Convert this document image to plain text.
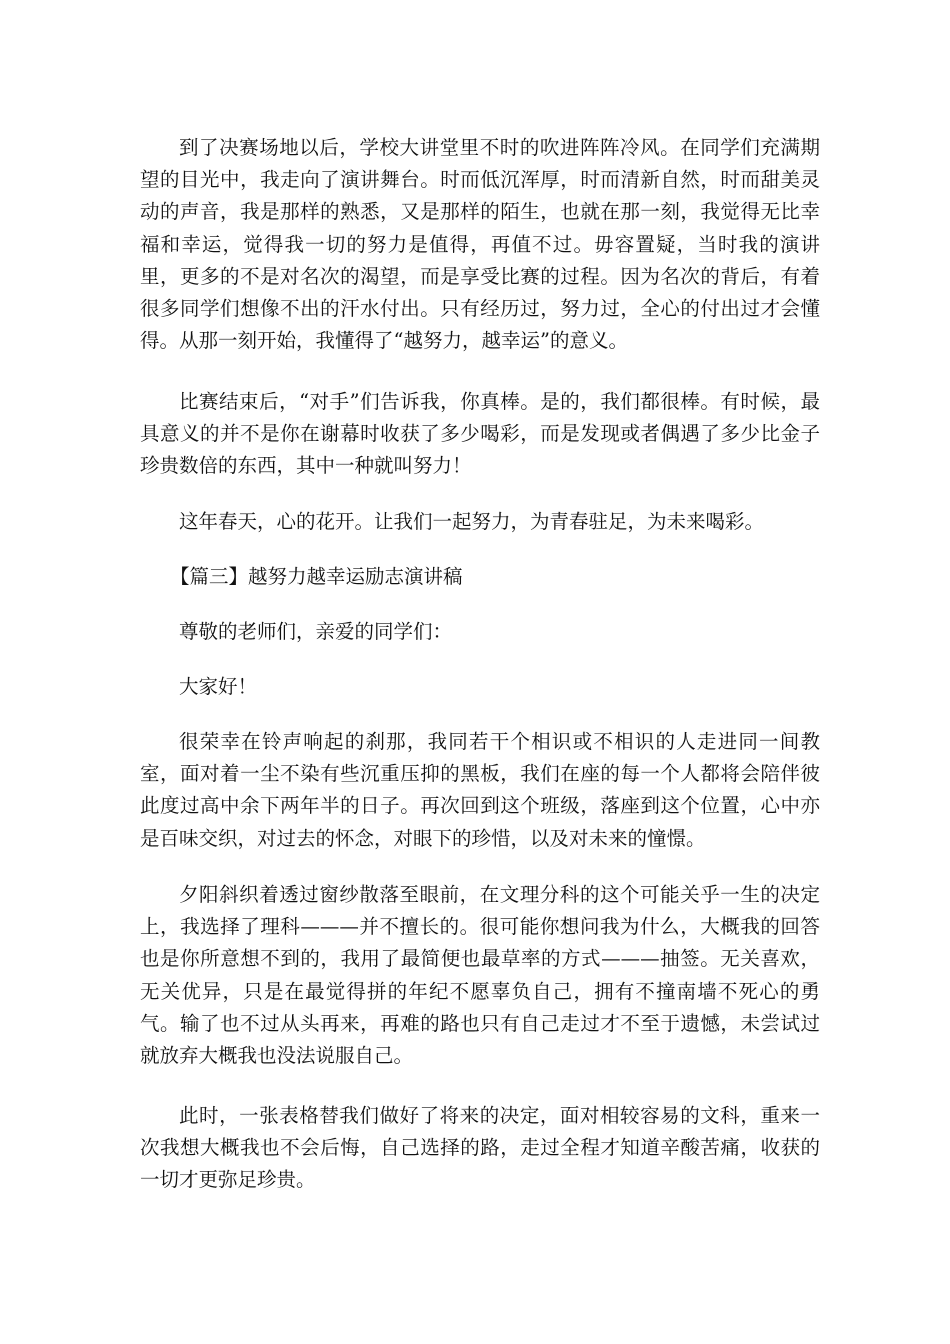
到了决赛场地以后，学校大讲堂里不时的吹进阵阵冷风。在同学们充满期望的目光中，我走向了演讲舞台。时而低沉浑厚，时而清新自然，时而甜美灵动的声音，我是那样的熟悉，又是那样的陌生，也就在那一刻，我觉得无比幸福和幸运，觉得我一切的努力是值得，再值不过。毋容置疑，当时我的演讲里，更多的不是对名次的渴望，而是享受比赛的过程。因为名次的背后，有着很多同学们想像不出的汗水付出。只有经历过，努力过，全心的付出过才会懂得。从那一刻开始，我懂得了“越努力，越幸运”的意义。

比赛结束后，“对手”们告诉我，你真棒。是的，我们都很棒。有时候，最具意义的并不是你在谢幕时收获了多少喝彩，而是发现或者偶遇了多少比金子珍贵数倍的东西，其中一种就叫努力！

这年春天，心的花开。让我们一起努力，为青春驻足，为未来喝彩。

【篇三】越努力越幸运励志演讲稿

尊敬的老师们，亲爱的同学们：

大家好！

很荣幸在铃声响起的刹那，我同若干个相识或不相识的人走进同一间教室，面对着一尘不染有些沉重压抑的黑板，我们在座的每一个人都将会陪伴彼此度过高中余下两年半的日子。再次回到这个班级，落座到这个位置，心中亦是百味交织，对过去的怀念，对眼下的珍惜，以及对未来的憧憬。

夕阳斜织着透过窗纱散落至眼前，在文理分科的这个可能关乎一生的决定上，我选择了理科———并不擅长的。很可能你想问我为什么，大概我的回答也是你所意想不到的，我用了最简便也最草率的方式———抽签。无关喜欢，无关优异，只是在最觉得拼的年纪不愿辜负自己，拥有不撞南墙不死心的勇气。输了也不过从头再来，再难的路也只有自己走过才不至于遗憾，未尝试过就放弃大概我也没法说服自己。

此时，一张表格替我们做好了将来的决定，面对相较容易的文科，重来一次我想大概我也不会后悔，自己选择的路，走过全程才知道辛酸苦痛，收获的一切才更弥足珍贵。
